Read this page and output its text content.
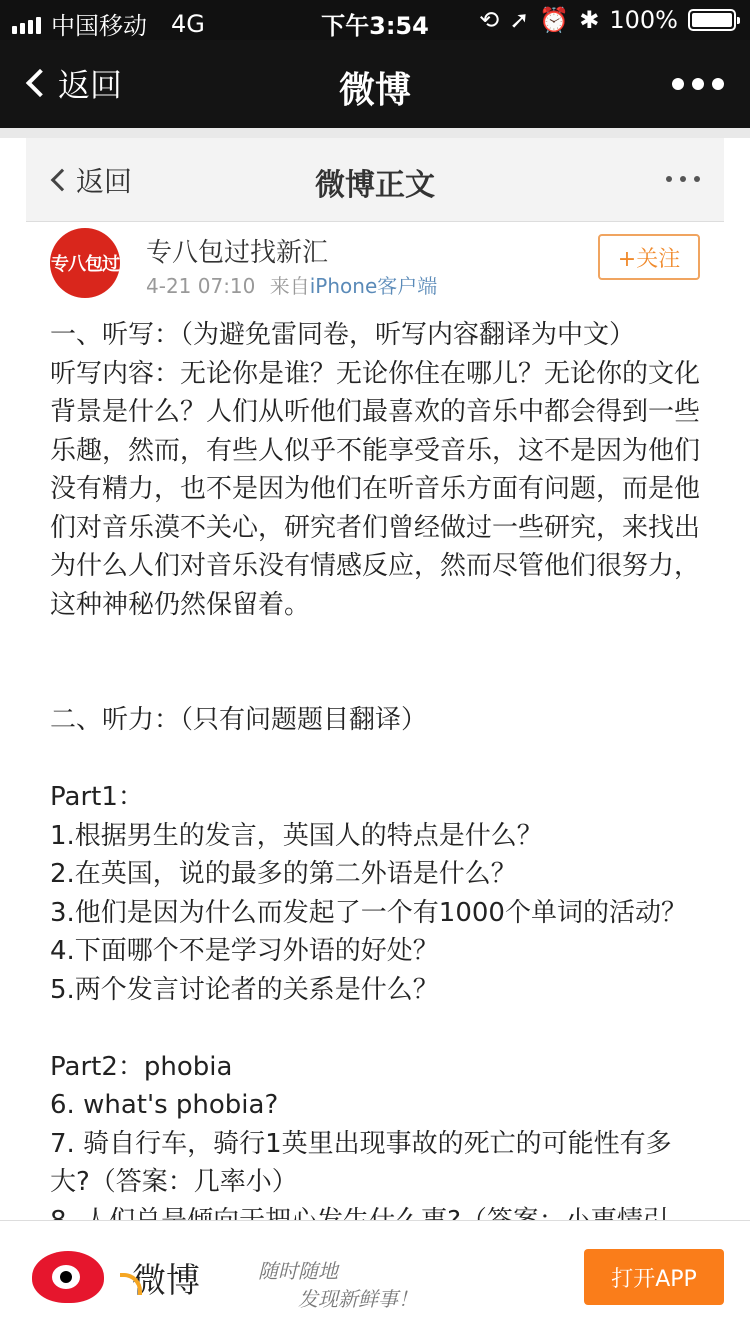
中国移动 4G	下午3:54	⟲ ➚ ⏰ ✱ 100%
返回	微博
返回	微博正文
专八包过 专八包过找新汇
4-21 07:10 来自iPhone客户端
+关注

一、听写：（为避免雷同卷，听写内容翻译为中文）

听写内容：无论你是谁？无论你住在哪儿？无论你的文化背景是什么？人们从听他们最喜欢的音乐中都会得到一些乐趣，然而，有些人似乎不能享受音乐，这不是因为他们没有精力，也不是因为他们在听音乐方面有问题，而是他们对音乐漠不关心，研究者们曾经做过一些研究，来找出为什么人们对音乐没有情感反应，然而尽管他们很努力，这种神秘仍然保留着。

二、听力：（只有问题题目翻译）

Part1：

1.根据男生的发言，英国人的特点是什么？

2.在英国，说的最多的第二外语是什么？

3.他们是因为什么而发起了一个有1000个单词的活动？

4.下面哪个不是学习外语的好处？

5.两个发言讨论者的关系是什么？

Part2：phobia

6. what's phobia?

7. 骑自行车，骑行1英里出现事故的死亡的可能性有多大?（答案：几率小）

微博	随时随地
发现新鲜事！
打开APP
